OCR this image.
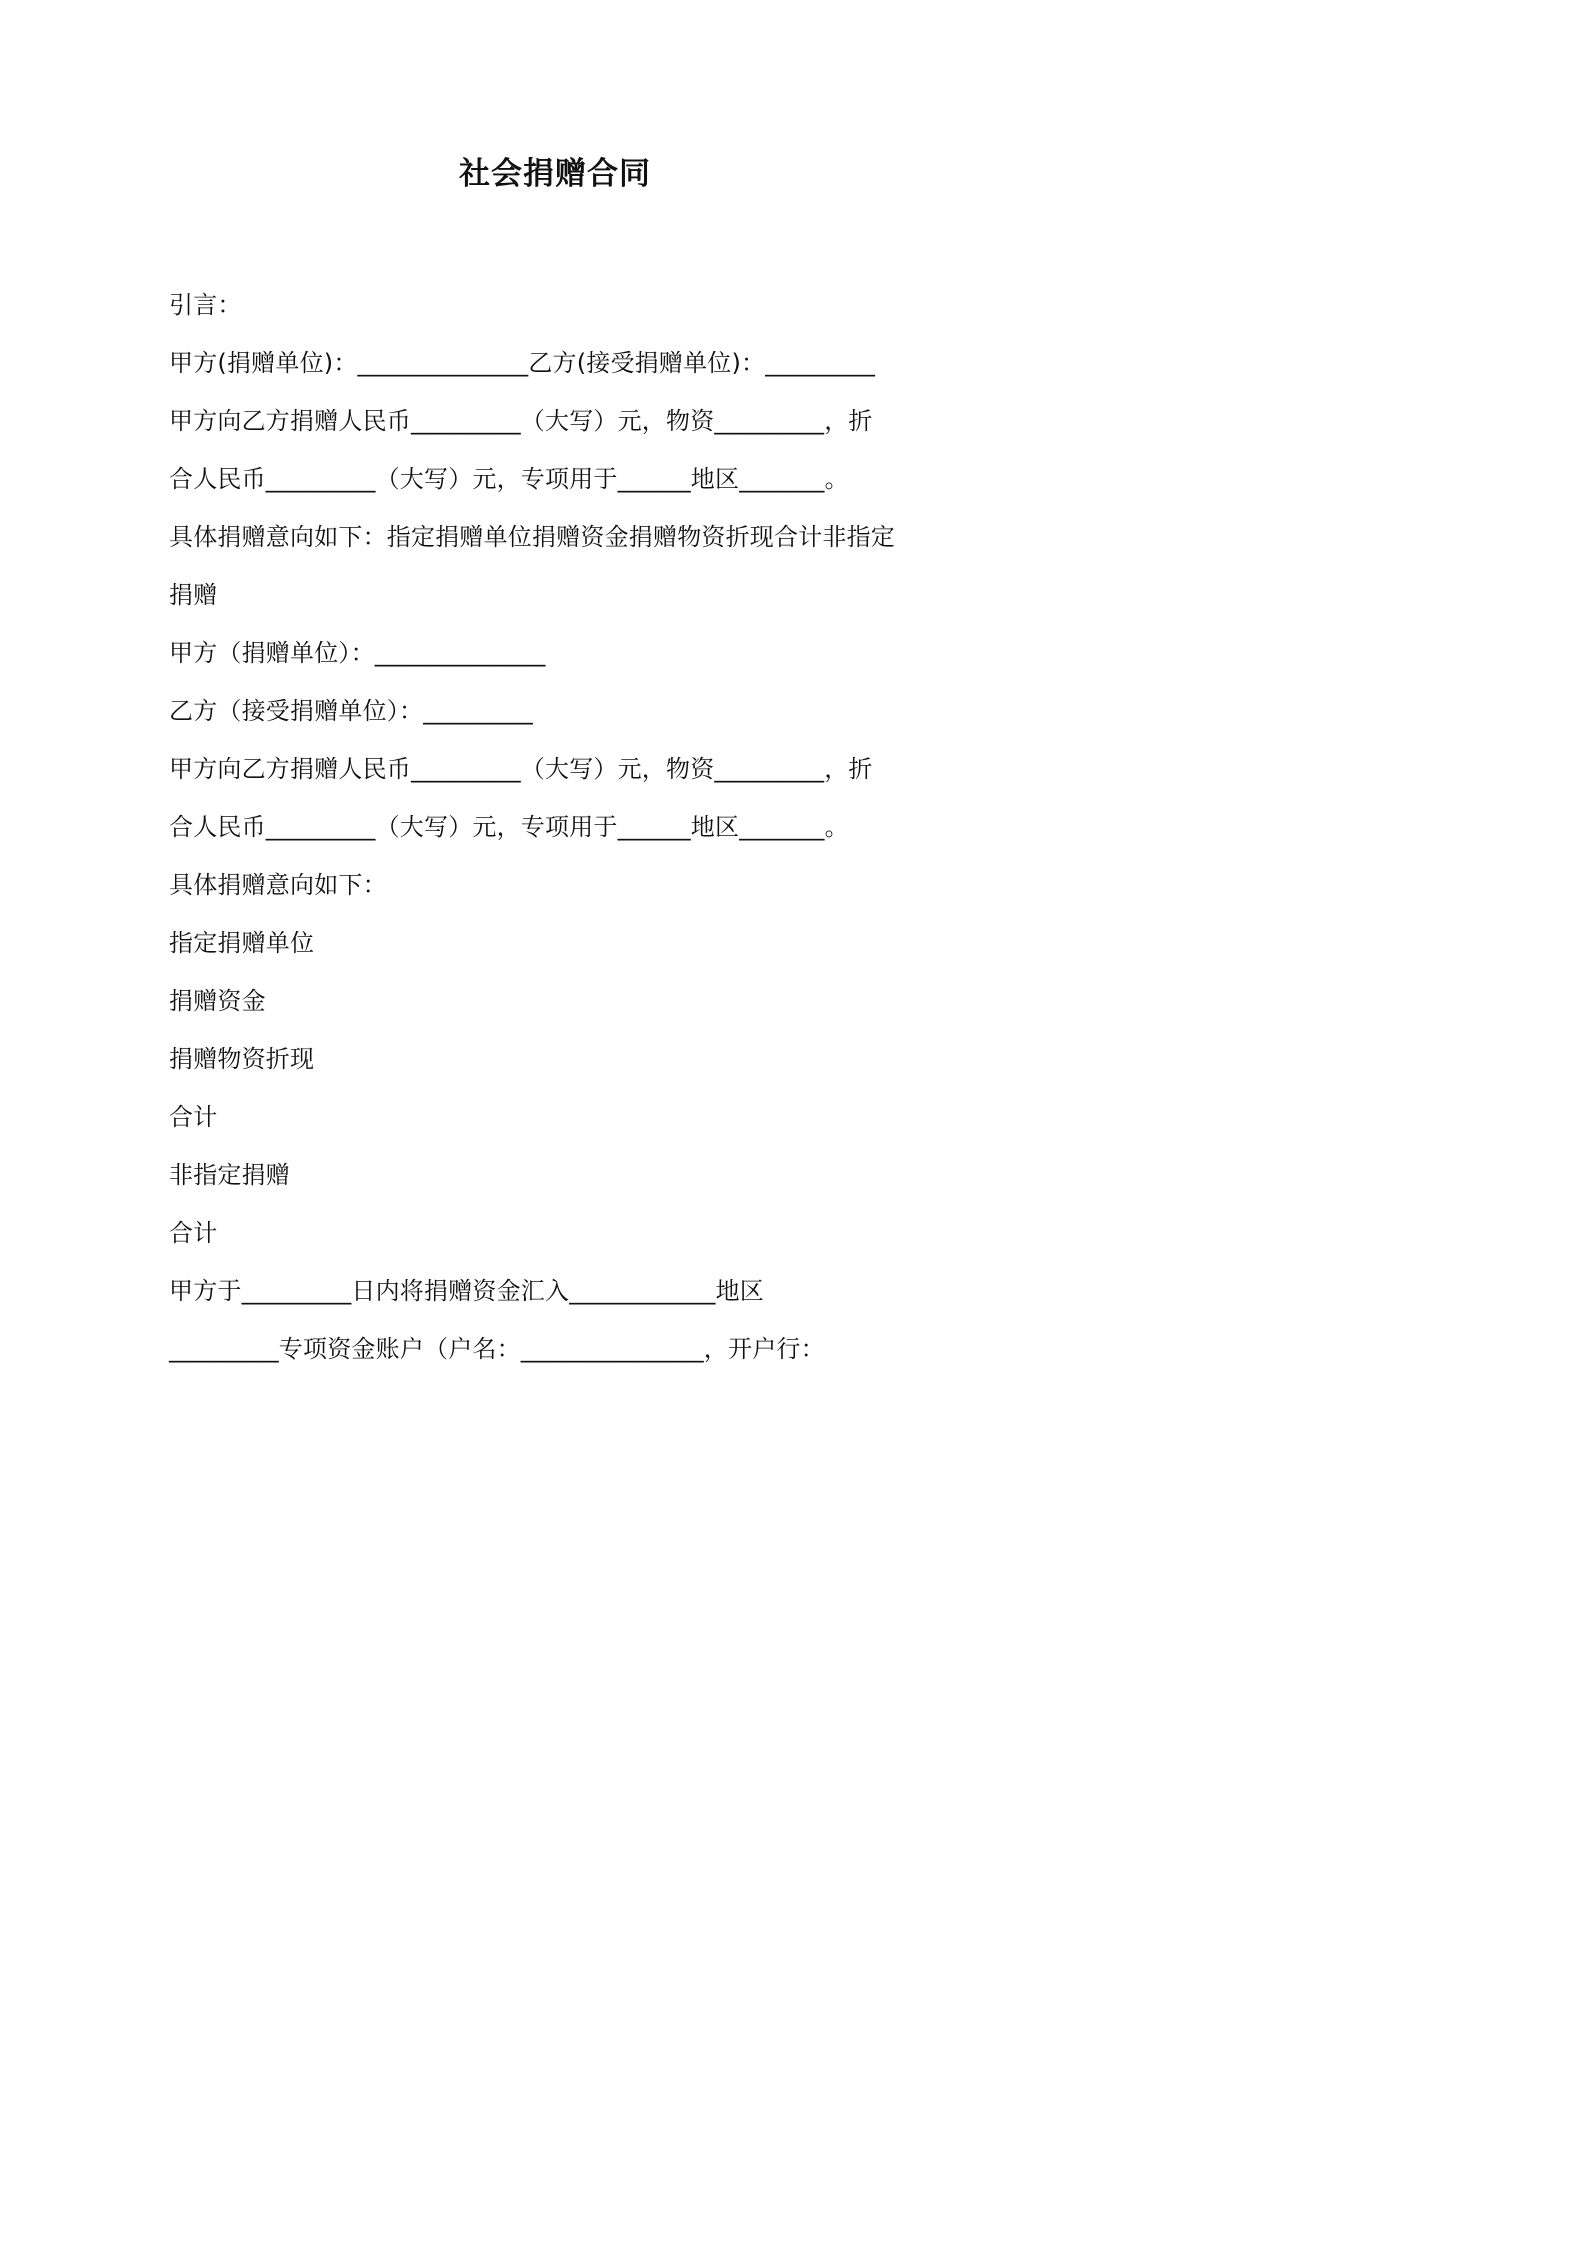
社会捐赠合同
引言：
甲方(捐赠单位)：______________乙方(接受捐赠单位)：_________
甲方向乙方捐赠人民币_________（大写）元，物资_________，折
合人民币_________（大写）元，专项用于______地区_______。
具体捐赠意向如下：指定捐赠单位捐赠资金捐赠物资折现合计非指定
捐赠
甲方（捐赠单位）：______________
乙方（接受捐赠单位）：_________
甲方向乙方捐赠人民币_________（大写）元，物资_________，折
合人民币_________（大写）元，专项用于______地区_______。
具体捐赠意向如下：
指定捐赠单位
捐赠资金
捐赠物资折现
合计
非指定捐赠
合计
甲方于_________日内将捐赠资金汇入____________地区
_________专项资金账户（户名：_______________，开户行：
